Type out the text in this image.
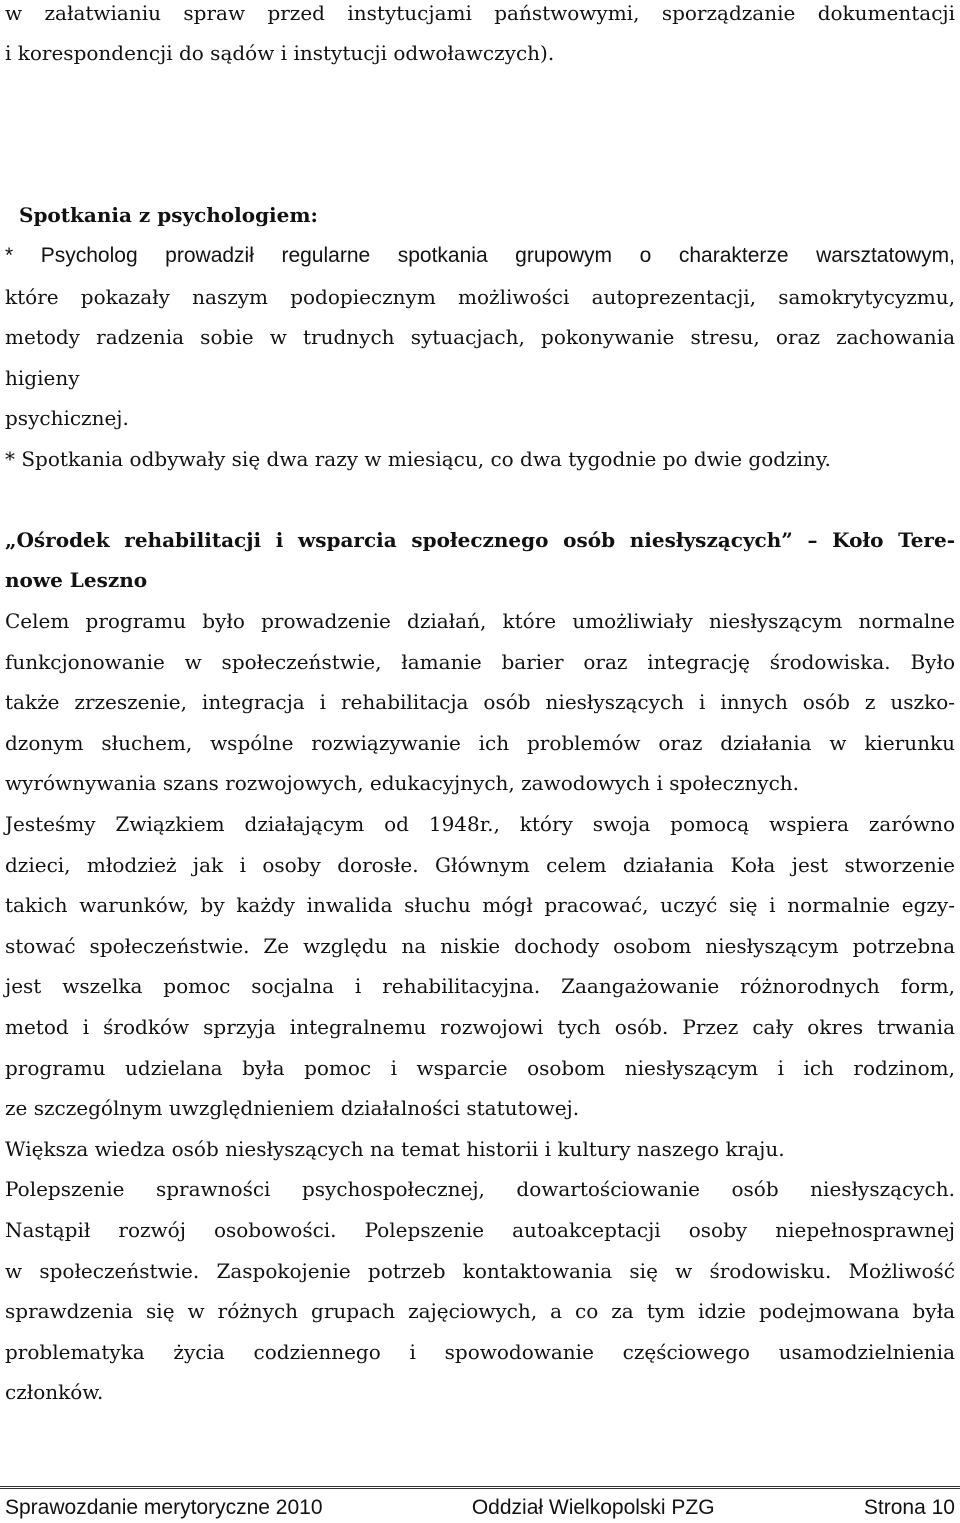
w załatwianiu spraw przed instytucjami państwowymi, sporządzanie dokumentacji

i korespondencji do sądów i instytucji odwoławczych).

Spotkania z psychologiem:

* Psycholog prowadził regularne spotkania grupowym o charakterze warsztatowym,

które pokazały naszym podopiecznym możliwości autoprezentacji, samokrytycyzmu,

metody radzenia sobie w trudnych sytuacjach, pokonywanie stresu, oraz zachowania

higieny

psychicznej.

* Spotkania odbywały się dwa razy w miesiącu, co dwa tygodnie po dwie godziny.

„Ośrodek rehabilitacji i wsparcia społecznego osób niesłyszących” – Koło Tere-

nowe Leszno

Celem programu było prowadzenie działań, które umożliwiały niesłyszącym normalne

funkcjonowanie w społeczeństwie, łamanie barier oraz integrację środowiska. Było

także zrzeszenie, integracja i rehabilitacja osób niesłyszących i innych osób z uszko-

dzonym słuchem, wspólne rozwiązywanie ich problemów oraz działania w kierunku

wyrównywania szans rozwojowych, edukacyjnych, zawodowych i społecznych.

Jesteśmy Związkiem działającym od 1948r., który swoja pomocą wspiera zarówno

dzieci, młodzież jak i osoby dorosłe. Głównym celem działania Koła jest stworzenie

takich warunków, by każdy inwalida słuchu mógł pracować, uczyć się i normalnie egzy-

stować społeczeństwie. Ze względu na niskie dochody osobom niesłyszącym potrzebna

jest wszelka pomoc socjalna i rehabilitacyjna. Zaangażowanie różnorodnych form,

metod i środków sprzyja integralnemu rozwojowi tych osób. Przez cały okres trwania

programu udzielana była pomoc i wsparcie osobom niesłyszącym i ich rodzinom,

ze szczególnym uwzględnieniem działalności statutowej.

Większa wiedza osób niesłyszących na temat historii i kultury naszego kraju.

Polepszenie sprawności psychospołecznej, dowartościowanie osób niesłyszących.

Nastąpił rozwój osobowości. Polepszenie autoakceptacji osoby niepełnosprawnej

w społeczeństwie. Zaspokojenie potrzeb kontaktowania się w środowisku. Możliwość

sprawdzenia się w różnych grupach zajęciowych, a co za tym idzie podejmowana była

problematyka życia codziennego i spowodowanie częściowego usamodzielnienia

członków.

Sprawozdanie merytoryczne 2010	Oddział Wielkopolski PZG	Strona 10
